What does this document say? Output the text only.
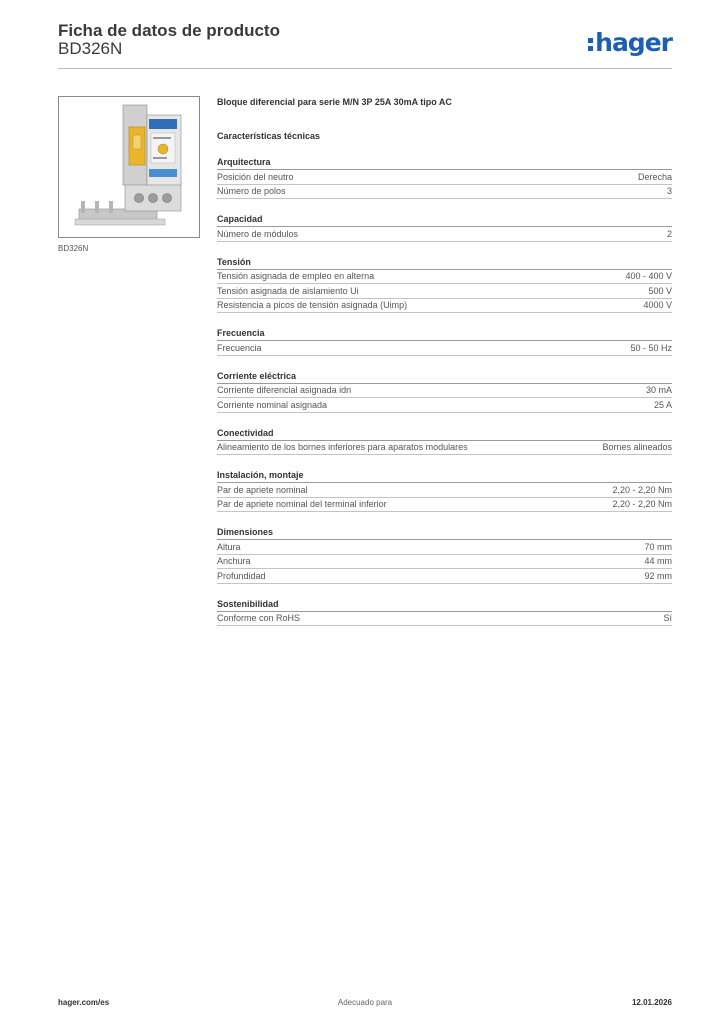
Ficha de datos de producto
BD326N	hager
BD326N
Bloque diferencial para serie M/N 3P 25A 30mA tipo AC
Características técnicas
Arquitectura
Posición del neutro	Derecha
Número de polos	3
Capacidad
Número de módulos	2
Tensión
Tensión asignada de empleo en alterna	400 - 400 V
Tensión asignada de aislamiento Ui	500 V
Resistencia a picos de tensión asignada (Uimp)	4000 V
Frecuencia
Frecuencia	50 - 50 Hz
Corriente eléctrica
Corriente diferencial asignada idn	30 mA
Corriente nominal asignada	25 A
Conectividad
Alineamiento de los bornes inferiores para aparatos modulares	Bornes alineados
Instalación, montaje
Par de apriete nominal	2,20 - 2,20 Nm
Par de apriete nominal del terminal inferior	2,20 - 2,20 Nm
Dimensiones
Altura	70 mm
Anchura	44 mm
Profundidad	92 mm
Sostenibilidad
Conforme con RoHS	Sí
hager.com/es	Adecuado para	12.01.2026
